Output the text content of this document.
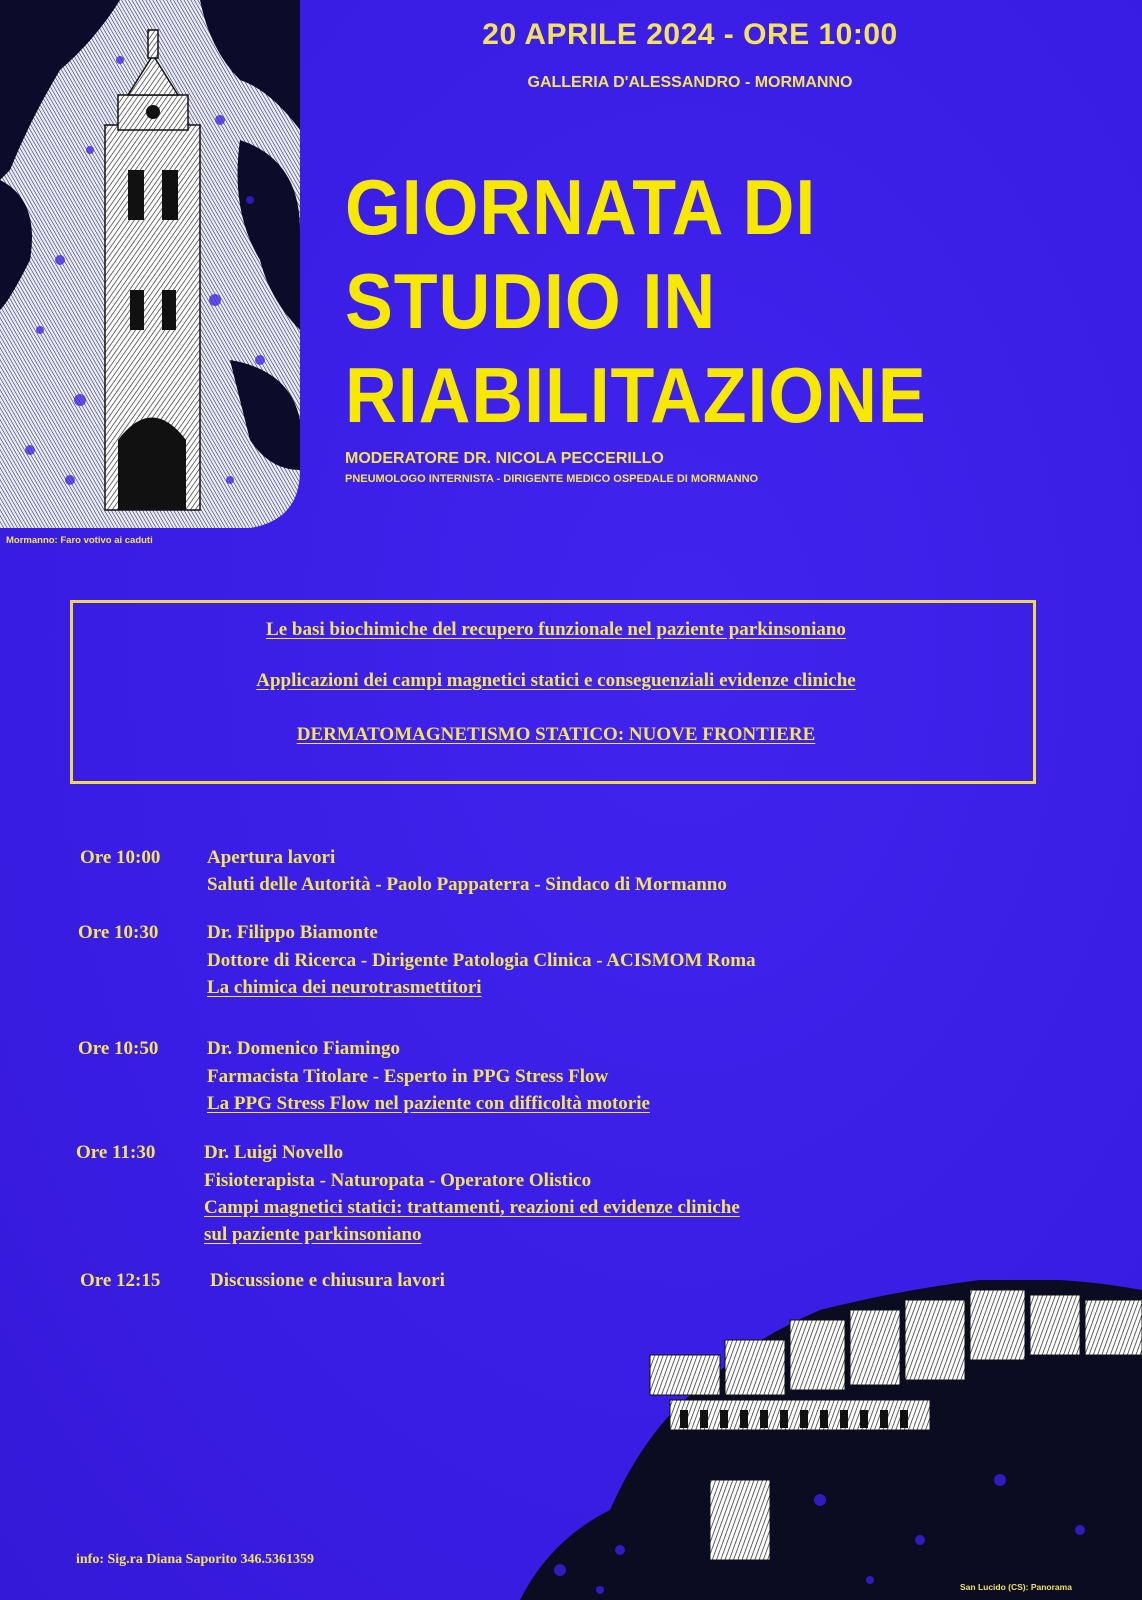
20 APRILE 2024 - ORE 10:00
GALLERIA D'ALESSANDRO - MORMANNO
GIORNATA DI
STUDIO IN
RIABILITAZIONE
MODERATORE DR. NICOLA PECCERILLO
PNEUMOLOGO INTERNISTA - DIRIGENTE MEDICO OSPEDALE DI MORMANNO
Mormanno: Faro votivo ai caduti
Le basi biochimiche del recupero funzionale nel paziente parkinsoniano
Applicazioni dei campi magnetici statici e conseguenziali evidenze cliniche
DERMATOMAGNETISMO STATICO: NUOVE FRONTIERE
Ore 10:00 Apertura lavori
Saluti delle Autorità - Paolo Pappaterra - Sindaco di Mormanno
Ore 10:30	Dr. Filippo Biamonte
Dottore di Ricerca - Dirigente Patologia Clinica - ACISMOM Roma
La chimica dei neurotrasmettitori
Ore 10:50	Dr. Domenico Fiamingo
Farmacista Titolare - Esperto in PPG Stress Flow
La PPG Stress Flow nel paziente con difficoltà motorie
Ore 11:30	Dr. Luigi Novello
Fisioterapista - Naturopata - Operatore Olistico
Campi magnetici statici: trattamenti, reazioni ed evidenze cliniche
sul paziente parkinsoniano
Ore 12:15	Discussione e chiusura lavori
info: Sig.ra Diana Saporito 346.5361359
San Lucido (CS): Panorama
